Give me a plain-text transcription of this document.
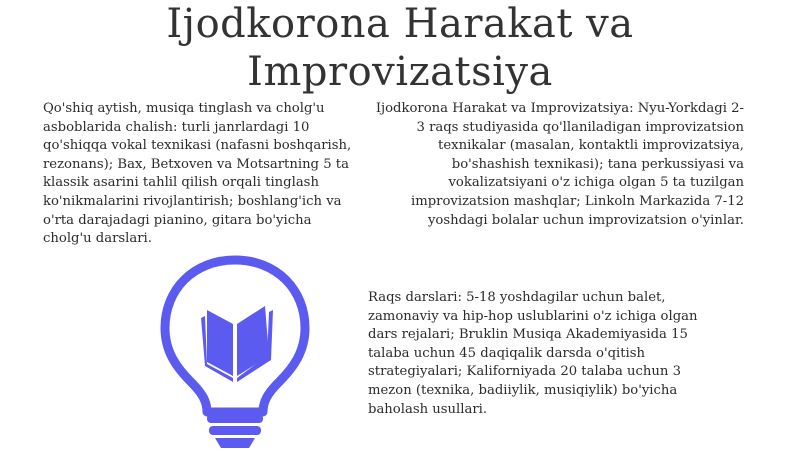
Ijodkorona Harakat va
Improvizatsiya
Qo'shiq aytish, musiqa tinglash va cholg'u asboblarida chalish: turli janrlardagi 10 qo'shiqqa vokal texnikasi (nafasni boshqarish, rezonans); Bax, Betxoven va Motsartning 5 ta klassik asarini tahlil qilish orqali tinglash ko'nikmalarini rivojlantirish; boshlang'ich va o'rta darajadagi pianino, gitara bo'yicha cholg'u darslari.
Ijodkorona Harakat va Improvizatsiya: Nyu-Yorkdagi 2-3 raqs studiyasida qo'llaniladigan improvizatsion texnikalar (masalan, kontaktli improvizatsiya, bo'shashish texnikasi); tana perkussiyasi va vokalizatsiyani o'z ichiga olgan 5 ta tuzilgan improvizatsion mashqlar; Linkoln Markazida 7-12 yoshdagi bolalar uchun improvizatsion o'yinlar.
Raqs darslari: 5-18 yoshdagilar uchun balet, zamonaviy va hip-hop uslublarini o'z ichiga olgan dars rejalari; Bruklin Musiqa Akademiyasida 15 talaba uchun 45 daqiqalik darsda o'qitish strategiyalari; Kaliforniyada 20 talaba uchun 3 mezon (texnika, badiiylik, musiqiylik) bo'yicha baholash usullari.
